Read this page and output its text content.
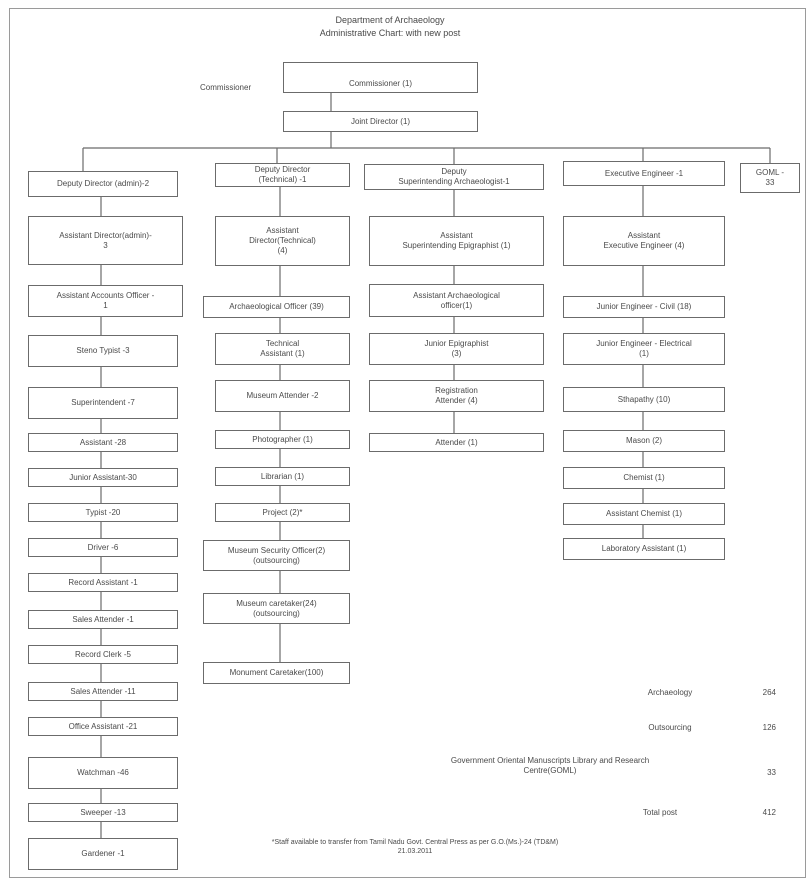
Department of Archaeology
Administrative Chart: with new post
Commissioner	Commissioner (1)
Joint Director (1)
Deputy Director (admin)-2
Assistant Director(admin)-
3
Assistant Accounts Officer -
1
Steno Typist -3
Superintendent -7
Assistant -28
Junior Assistant-30
Typist -20
Driver -6
Record Assistant -1
Sales Attender -1
Record Clerk -5
Sales Attender -11
Office Assistant -21
Watchman -46
Sweeper -13
Gardener -1
Deputy Director
(Technical) -1
Assistant
Director(Technical)
(4)
Archaeological Officer (39)
Technical
Assistant (1)
Museum Attender -2
Photographer (1)
Librarian (1)
Project (2)*
Museum Security Officer(2)
(outsourcing)
Museum caretaker(24)
(outsourcing)
Monument Caretaker(100)
Deputy
Superintending Archaeologist-1
Assistant
Superintending Epigraphist (1)
Assistant Archaeological
officer(1)
Junior Epigraphist
(3)
Registration
Attender (4)
Attender (1)
Executive Engineer -1
Assistant
Executive Engineer (4)
Junior Engineer - Civil (18)
Junior Engineer - Electrical
(1)
Sthapathy (10)
Mason (2)
Chemist (1)
Assistant Chemist (1)
Laboratory Assistant (1)
GOML -
33
Archaeology	264
Outsourcing	126
Government Oriental Manuscripts Library and Research
Centre(GOML)	33
Total post	412
*Staff available to transfer from Tamil Nadu Govt. Central Press as per G.O.(Ms.)-24 (TD&M)
21.03.2011
